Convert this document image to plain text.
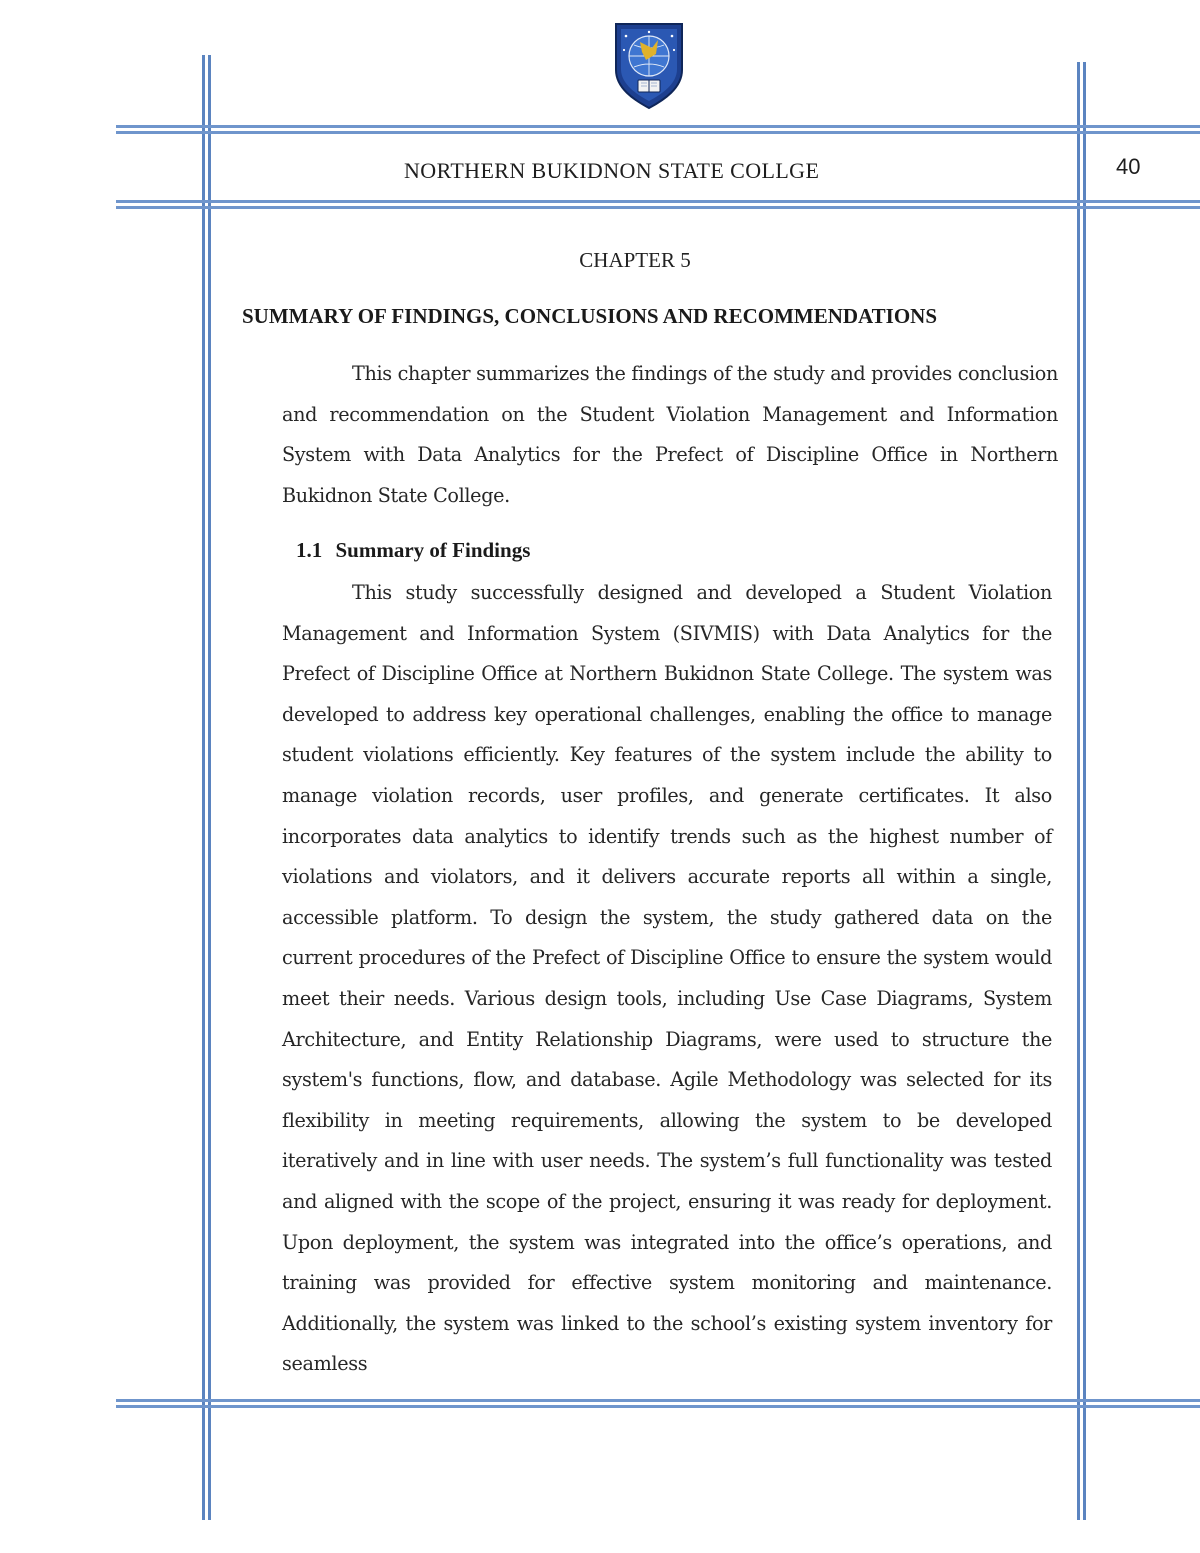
NORTHERN BUKIDNON STATE COLLGE	40
CHAPTER 5
SUMMARY OF FINDINGS, CONCLUSIONS AND RECOMMENDATIONS
This chapter summarizes the findings of the study and provides conclusion and recommendation on the Student Violation Management and Information System with Data Analytics for the Prefect of Discipline Office in Northern Bukidnon State College.
1.1 Summary of Findings
This study successfully designed and developed a Student Violation Management and Information System (SIVMIS) with Data Analytics for the Prefect of Discipline Office at Northern Bukidnon State College. The system was developed to address key operational challenges, enabling the office to manage student violations efficiently. Key features of the system include the ability to manage violation records, user profiles, and generate certificates. It also incorporates data analytics to identify trends such as the highest number of violations and violators, and it delivers accurate reports all within a single, accessible platform. To design the system, the study gathered data on the current procedures of the Prefect of Discipline Office to ensure the system would meet their needs. Various design tools, including Use Case Diagrams, System Architecture, and Entity Relationship Diagrams, were used to structure the system's functions, flow, and database. Agile Methodology was selected for its flexibility in meeting requirements, allowing the system to be developed iteratively and in line with user needs. The system’s full functionality was tested and aligned with the scope of the project, ensuring it was ready for deployment. Upon deployment, the system was integrated into the office’s operations, and training was provided for effective system monitoring and maintenance. Additionally, the system was linked to the school’s existing system inventory for seamless
